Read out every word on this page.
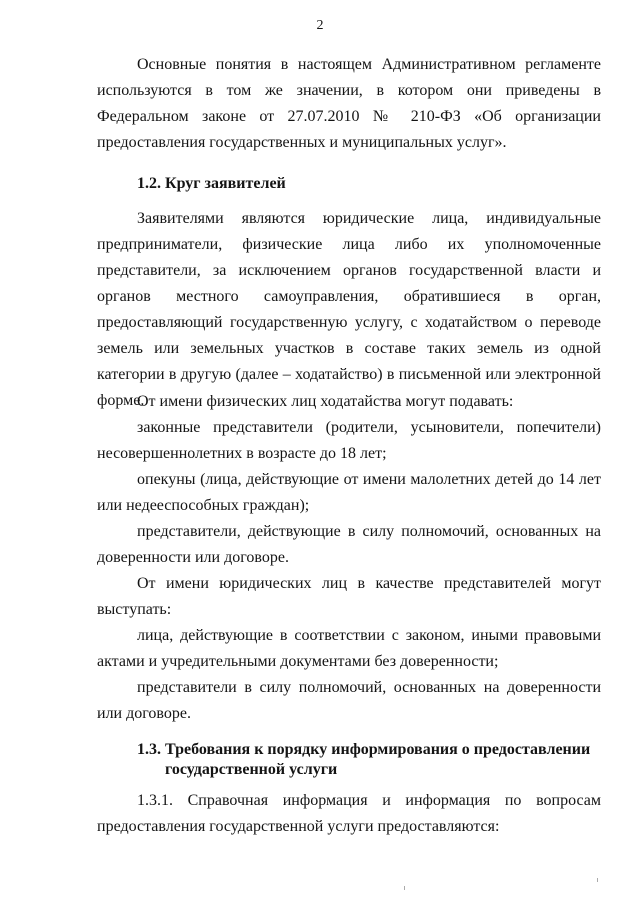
2

Основные понятия в настоящем Административном регламенте используются в том же значении, в котором они приведены в Федеральном законе от 27.07.2010 № 210-ФЗ «Об организации предоставления государственных и муниципальных услуг».

1.2. Круг заявителей

Заявителями являются юридические лица, индивидуальные предприниматели, физические лица либо их уполномоченные представители, за исключением органов государственной власти и органов местного самоуправления, обратившиеся в орган, предоставляющий государственную услугу, с ходатайством о переводе земель или земельных участков в составе таких земель из одной категории в другую (далее – ходатайство) в письменной или электронной форме.

От имени физических лиц ходатайства могут подавать:

законные представители (родители, усыновители, попечители) несовершеннолетних в возрасте до 18 лет;

опекуны (лица, действующие от имени малолетних детей до 14 лет или недееспособных граждан);

представители, действующие в силу полномочий, основанных на доверенности или договоре.

От имени юридических лиц в качестве представителей могут выступать:

лица, действующие в соответствии с законом, иными правовыми актами и учредительными документами без доверенности;

представители в силу полномочий, основанных на доверенности или договоре.

1.3. Требования к порядку информирования о предоставлении
государственной услуги

1.3.1. Справочная информация и информация по вопросам предоставления государственной услуги предоставляются:
